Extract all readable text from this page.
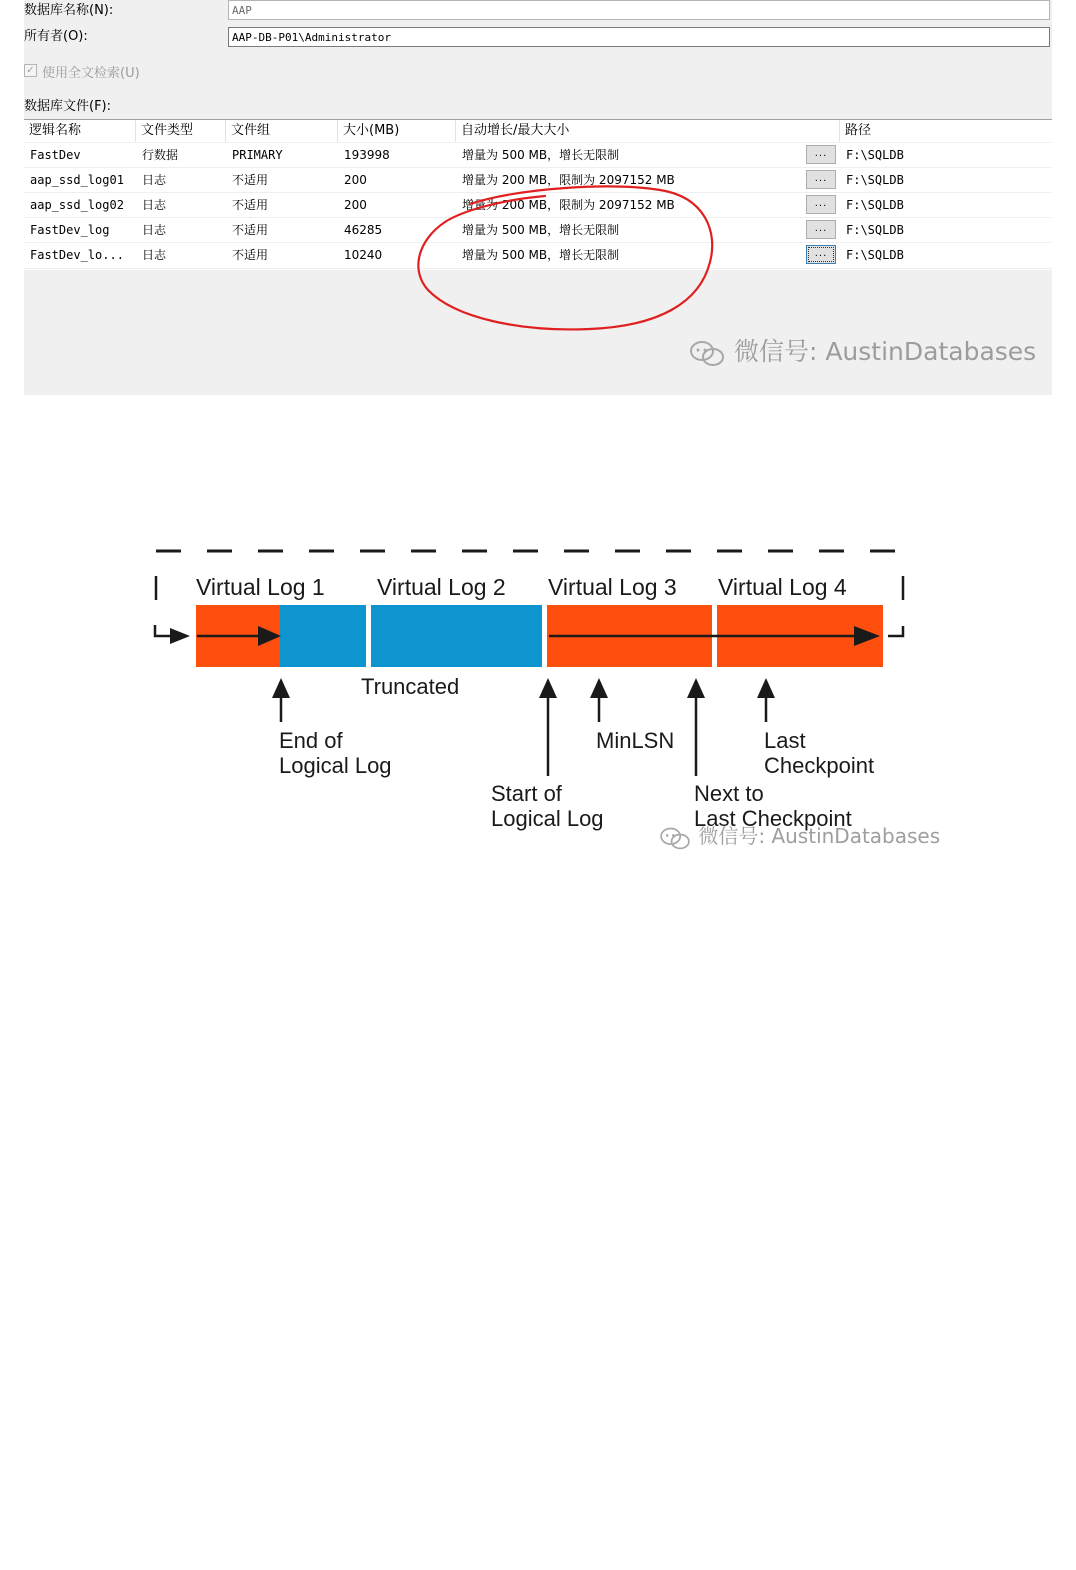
数据库名称(N):	AAP
所有者(O):	AAP-DB-P01\Administrator
✓ 使用全文检索(U)
数据库文件(F):
逻辑名称	文件类型	文件组	大小(MB)	自动增长/最大大小	路径
FastDev	行数据	PRIMARY	193998	增量为 500 MB，增长无限制	...	F:\SQLDB
aap_ssd_log01 日志	不适用	200	增量为 200 MB，限制为 2097152 MB	...	F:\SQLDB
aap_ssd_log02 日志	不适用	200	增量为 200 MB，限制为 2097152 MB	...	F:\SQLDB
FastDev_log	日志	不适用	46285	增量为 500 MB，增长无限制	...	F:\SQLDB
FastDev_lo... 日志	不适用	10240	增量为 500 MB，增长无限制	...	F:\SQLDB
微信号: AustinDatabases
Virtual Log 1 Virtual Log 2 Virtual Log 3 Virtual Log 4
Truncated
End of
Logical Log
MinLSN	Last
Checkpoint
Start of
Logical Log
Next to
Last Checkpoint
微信号: AustinDatabases
